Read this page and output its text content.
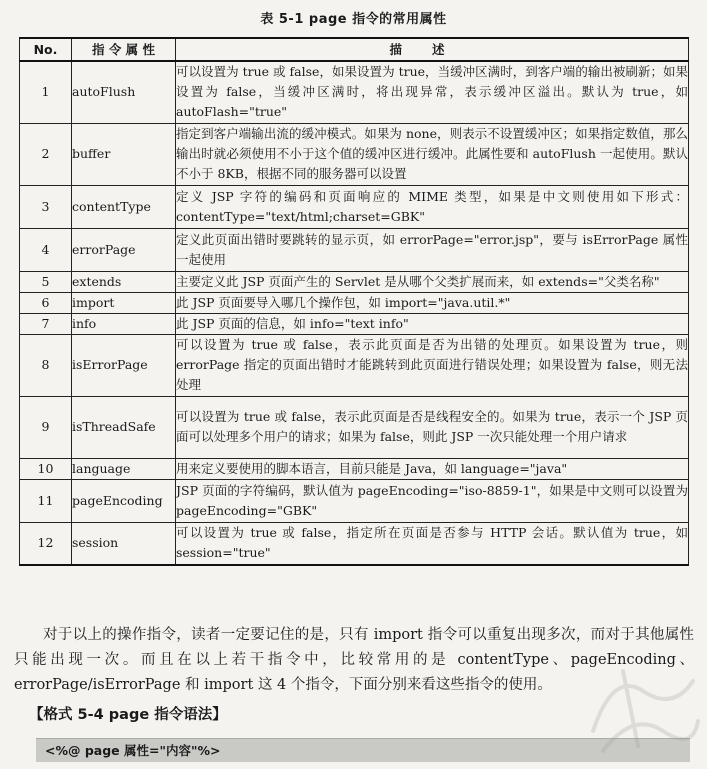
表 5-1 page 指令的常用属性
No.	指 令 属 性	描述
1	autoFlush	可以设置为 true 或 false，如果设置为 true，当缓冲区满时，到客户端的输出被刷新；如果设置为 false，当缓冲区满时，将出现异常，表示缓冲区溢出。默认为 true，如 autoFlash="true"
2	buffer	指定到客户端输出流的缓冲模式。如果为 none，则表示不设置缓冲区；如果指定数值，那么输出时就必须使用不小于这个值的缓冲区进行缓冲。此属性要和 autoFlush 一起使用。默认不小于 8KB，根据不同的服务器可以设置
3	contentType	定义 JSP 字符的编码和页面响应的 MIME 类型，如果是中文则使用如下形式：contentType="text/html;charset=GBK"
4	errorPage	定义此页面出错时要跳转的显示页，如 errorPage="error.jsp"，要与 isErrorPage 属性一起使用
5	extends	主要定义此 JSP 页面产生的 Servlet 是从哪个父类扩展而来，如 extends="父类名称"
6	import	此 JSP 页面要导入哪几个操作包，如 import="java.util.*"
7	info	此 JSP 页面的信息，如 info="text info"
8	isErrorPage	可以设置为 true 或 false，表示此页面是否为出错的处理页。如果设置为 true，则 errorPage 指定的页面出错时才能跳转到此页面进行错误处理；如果设置为 false，则无法处理
9	isThreadSafe	可以设置为 true 或 false，表示此页面是否是线程安全的。如果为 true，表示一个 JSP 页面可以处理多个用户的请求；如果为 false，则此 JSP 一次只能处理一个用户请求
10	language	用来定义要使用的脚本语言，目前只能是 Java，如 language="java"
11	pageEncoding	JSP 页面的字符编码，默认值为 pageEncoding="iso-8859-1"，如果是中文则可以设置为 pageEncoding="GBK"
12	session	可以设置为 true 或 false，指定所在页面是否参与 HTTP 会话。默认值为 true，如 session="true"

对于以上的操作指令，读者一定要记住的是，只有 import 指令可以重复出现多次，而对于其他属性只能出现一次。而且在以上若干指令中，比较常用的是 contentType、pageEncoding、errorPage/isErrorPage 和 import 这 4 个指令，下面分别来看这些指令的使用。

【格式 5-4 page 指令语法】
<%@ page 属性="内容"%>
